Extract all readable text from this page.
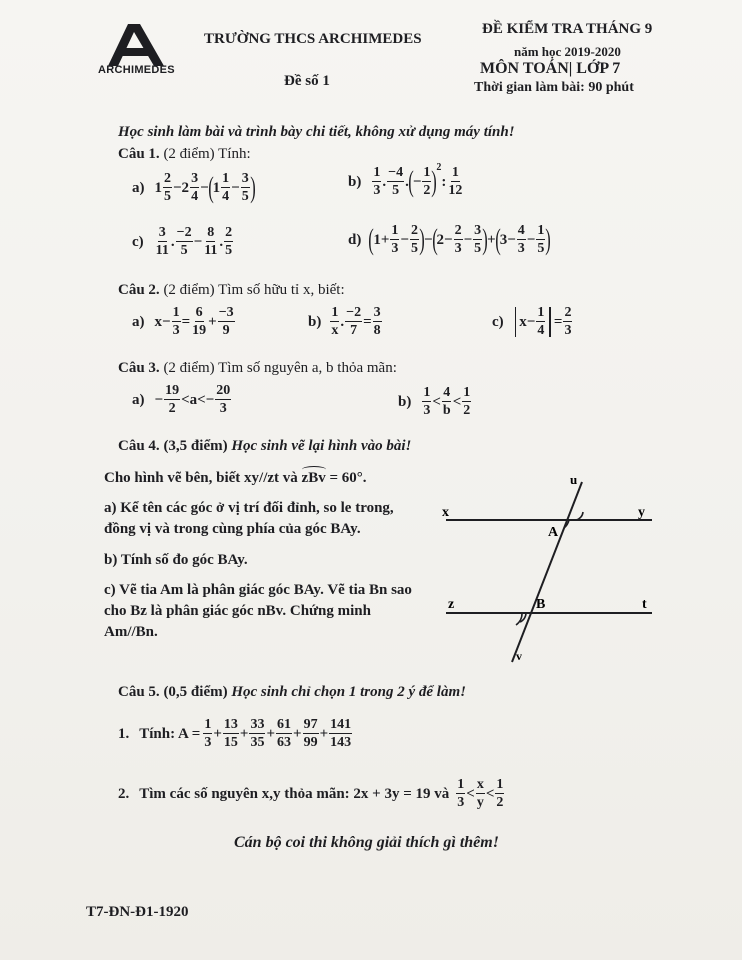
ARCHIMEDES
TRƯỜNG THCS ARCHIMEDES
Đề số 1
ĐỀ KIỂM TRA THÁNG 9
năm học 2019-2020
MÔN TOÁN| LỚP 7
Thời gian làm bài: 90 phút
Học sinh làm bài và trình bày chi tiết, không xử dụng máy tính!
Câu 1. (2 điểm) Tính:
a) 1
2
5
−2
3
4
− ( 1
1
4
−
3
5 )	b)
1
3
.
−4
5
. ( −
1
2 ) 2
:
1
12
c)
3
11
.
−2
5
−
8
11
.
2
5
d) ( 1+
1
3
−
2
5 ) − ( 2−
2
3
−
3
5 ) + ( 3−
4
3
−
1
5 )
Câu 2. (2 điểm) Tìm số hữu tỉ x, biết:
a) x−
1
3
=
6
19
+
−3
9
b)
1
x
.
−2
7
=
3
8
c) x−
1
4
=
2
3
Câu 3. (2 điểm) Tìm số nguyên a, b thỏa mãn:
a) −
19
2
<a<−
20
3	b)
1
3
<
4
b
<
1
2
Câu 4. (3,5 điểm) Học sinh vẽ lại hình vào bài!
Cho hình vẽ bên, biết xy//zt và
zBv = 60°.
a) Kể tên các góc ở vị trí đối đỉnh, so le trong,
đồng vị và trong cùng phía của góc BAy.
b) Tính số đo góc BAy.
c) Vẽ tia Am là phân giác góc BAy. Vẽ tia Bn sao
cho Bz là phân giác góc nBv. Chứng minh
Am//Bn.
u
x	y
A
z	B	t
v
Câu 5. (0,5 điểm) Học sinh chỉ chọn 1 trong 2 ý để làm!
1. Tính: $A = \frac{1}{3}$ +
13
15
+
33
35
+
61
63
+
97
99
+
141
143
2. Tìm các số nguyên x,y thỏa mãn: 2x + 3y = 19 và
1
3
<
x
y
<
1
2
Cán bộ coi thi không giải thích gì thêm!
T7-ĐN-Đ1-1920
